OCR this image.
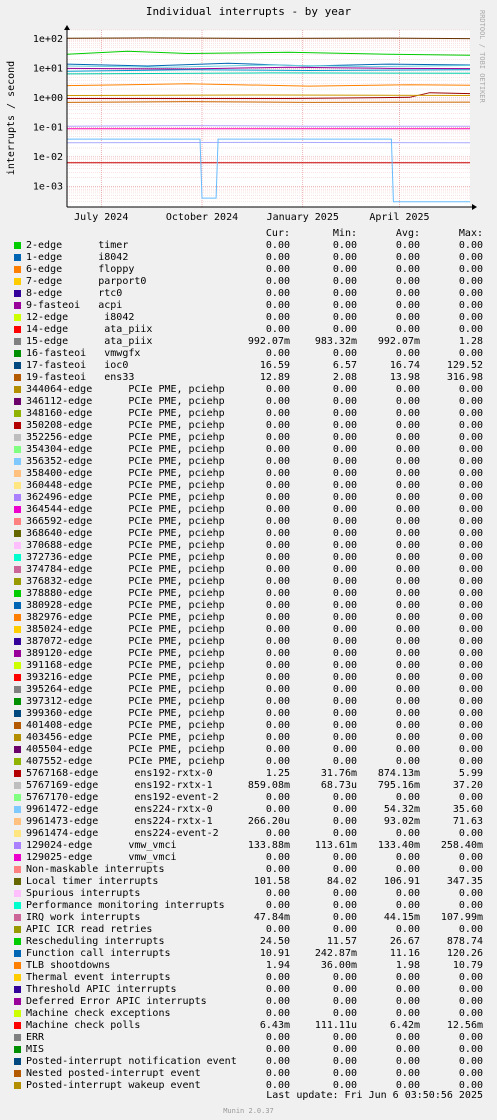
Individual interrupts - by year	RRDTOOL / TOBI OETIKER
1e+02
1e+01
1e+00
1e-01
1e-02
1e-03
July 2024	October 2024	January 2025	April 2025
interrupts / second
Cur:	Min:	Avg:	Max:
2-edge      timer	0.00	0.00	0.00	0.00
1-edge      i8042	0.00	0.00	0.00	0.00
6-edge      floppy	0.00	0.00	0.00	0.00
7-edge      parport0	0.00	0.00	0.00	0.00
8-edge      rtc0	0.00	0.00	0.00	0.00
9-fasteoi   acpi	0.00	0.00	0.00	0.00
12-edge      i8042	0.00	0.00	0.00	0.00
14-edge      ata_piix	0.00	0.00	0.00	0.00
15-edge      ata_piix	992.07m	983.32m	992.07m	1.28
16-fasteoi   vmwgfx	0.00	0.00	0.00	0.00
17-fasteoi   ioc0	16.59	6.57	16.74	129.52
19-fasteoi   ens33	12.89	2.08	13.98	316.98
344064-edge      PCIe PME, pciehp	0.00	0.00	0.00	0.00
346112-edge      PCIe PME, pciehp	0.00	0.00	0.00	0.00
348160-edge      PCIe PME, pciehp	0.00	0.00	0.00	0.00
350208-edge      PCIe PME, pciehp	0.00	0.00	0.00	0.00
352256-edge      PCIe PME, pciehp	0.00	0.00	0.00	0.00
354304-edge      PCIe PME, pciehp	0.00	0.00	0.00	0.00
356352-edge      PCIe PME, pciehp	0.00	0.00	0.00	0.00
358400-edge      PCIe PME, pciehp	0.00	0.00	0.00	0.00
360448-edge      PCIe PME, pciehp	0.00	0.00	0.00	0.00
362496-edge      PCIe PME, pciehp	0.00	0.00	0.00	0.00
364544-edge      PCIe PME, pciehp	0.00	0.00	0.00	0.00
366592-edge      PCIe PME, pciehp	0.00	0.00	0.00	0.00
368640-edge      PCIe PME, pciehp	0.00	0.00	0.00	0.00
370688-edge      PCIe PME, pciehp	0.00	0.00	0.00	0.00
372736-edge      PCIe PME, pciehp	0.00	0.00	0.00	0.00
374784-edge      PCIe PME, pciehp	0.00	0.00	0.00	0.00
376832-edge      PCIe PME, pciehp	0.00	0.00	0.00	0.00
378880-edge      PCIe PME, pciehp	0.00	0.00	0.00	0.00
380928-edge      PCIe PME, pciehp	0.00	0.00	0.00	0.00
382976-edge      PCIe PME, pciehp	0.00	0.00	0.00	0.00
385024-edge      PCIe PME, pciehp	0.00	0.00	0.00	0.00
387072-edge      PCIe PME, pciehp	0.00	0.00	0.00	0.00
389120-edge      PCIe PME, pciehp	0.00	0.00	0.00	0.00
391168-edge      PCIe PME, pciehp	0.00	0.00	0.00	0.00
393216-edge      PCIe PME, pciehp	0.00	0.00	0.00	0.00
395264-edge      PCIe PME, pciehp	0.00	0.00	0.00	0.00
397312-edge      PCIe PME, pciehp	0.00	0.00	0.00	0.00
399360-edge      PCIe PME, pciehp	0.00	0.00	0.00	0.00
401408-edge      PCIe PME, pciehp	0.00	0.00	0.00	0.00
403456-edge      PCIe PME, pciehp	0.00	0.00	0.00	0.00
405504-edge      PCIe PME, pciehp	0.00	0.00	0.00	0.00
407552-edge      PCIe PME, pciehp	0.00	0.00	0.00	0.00
5767168-edge      ens192-rxtx-0	1.25	31.76m	874.13m	5.99
5767169-edge      ens192-rxtx-1	859.08m	68.73u	795.16m	37.20
5767170-edge      ens192-event-2	0.00	0.00	0.00	0.00
9961472-edge      ens224-rxtx-0	0.00	0.00	54.32m	35.60
9961473-edge      ens224-rxtx-1	266.20u	0.00	93.02m	71.63
9961474-edge      ens224-event-2	0.00	0.00	0.00	0.00
129024-edge      vmw_vmci	133.88m	113.61m	133.40m	258.40m
129025-edge      vmw_vmci	0.00	0.00	0.00	0.00
Non-maskable interrupts	0.00	0.00	0.00	0.00
Local timer interrupts	101.58	84.02	106.91	347.35
Spurious interrupts	0.00	0.00	0.00	0.00
Performance monitoring interrupts	0.00	0.00	0.00	0.00
IRQ work interrupts	47.84m	0.00	44.15m	107.99m
APIC ICR read retries	0.00	0.00	0.00	0.00
Rescheduling interrupts	24.50	11.57	26.67	878.74
Function call interrupts	10.91	242.87m	11.16	120.26
TLB shootdowns	1.94	36.00m	1.98	10.79
Thermal event interrupts	0.00	0.00	0.00	0.00
Threshold APIC interrupts	0.00	0.00	0.00	0.00
Deferred Error APIC interrupts	0.00	0.00	0.00	0.00
Machine check exceptions	0.00	0.00	0.00	0.00
Machine check polls	6.43m	111.11u	6.42m	12.56m
ERR	0.00	0.00	0.00	0.00
MIS	0.00	0.00	0.00	0.00
Posted-interrupt notification event	0.00	0.00	0.00	0.00
Nested posted-interrupt event	0.00	0.00	0.00	0.00
Posted-interrupt wakeup event	0.00	0.00	0.00	0.00
Last update: Fri Jun 6 03:50:56 2025
Munin 2.0.37
